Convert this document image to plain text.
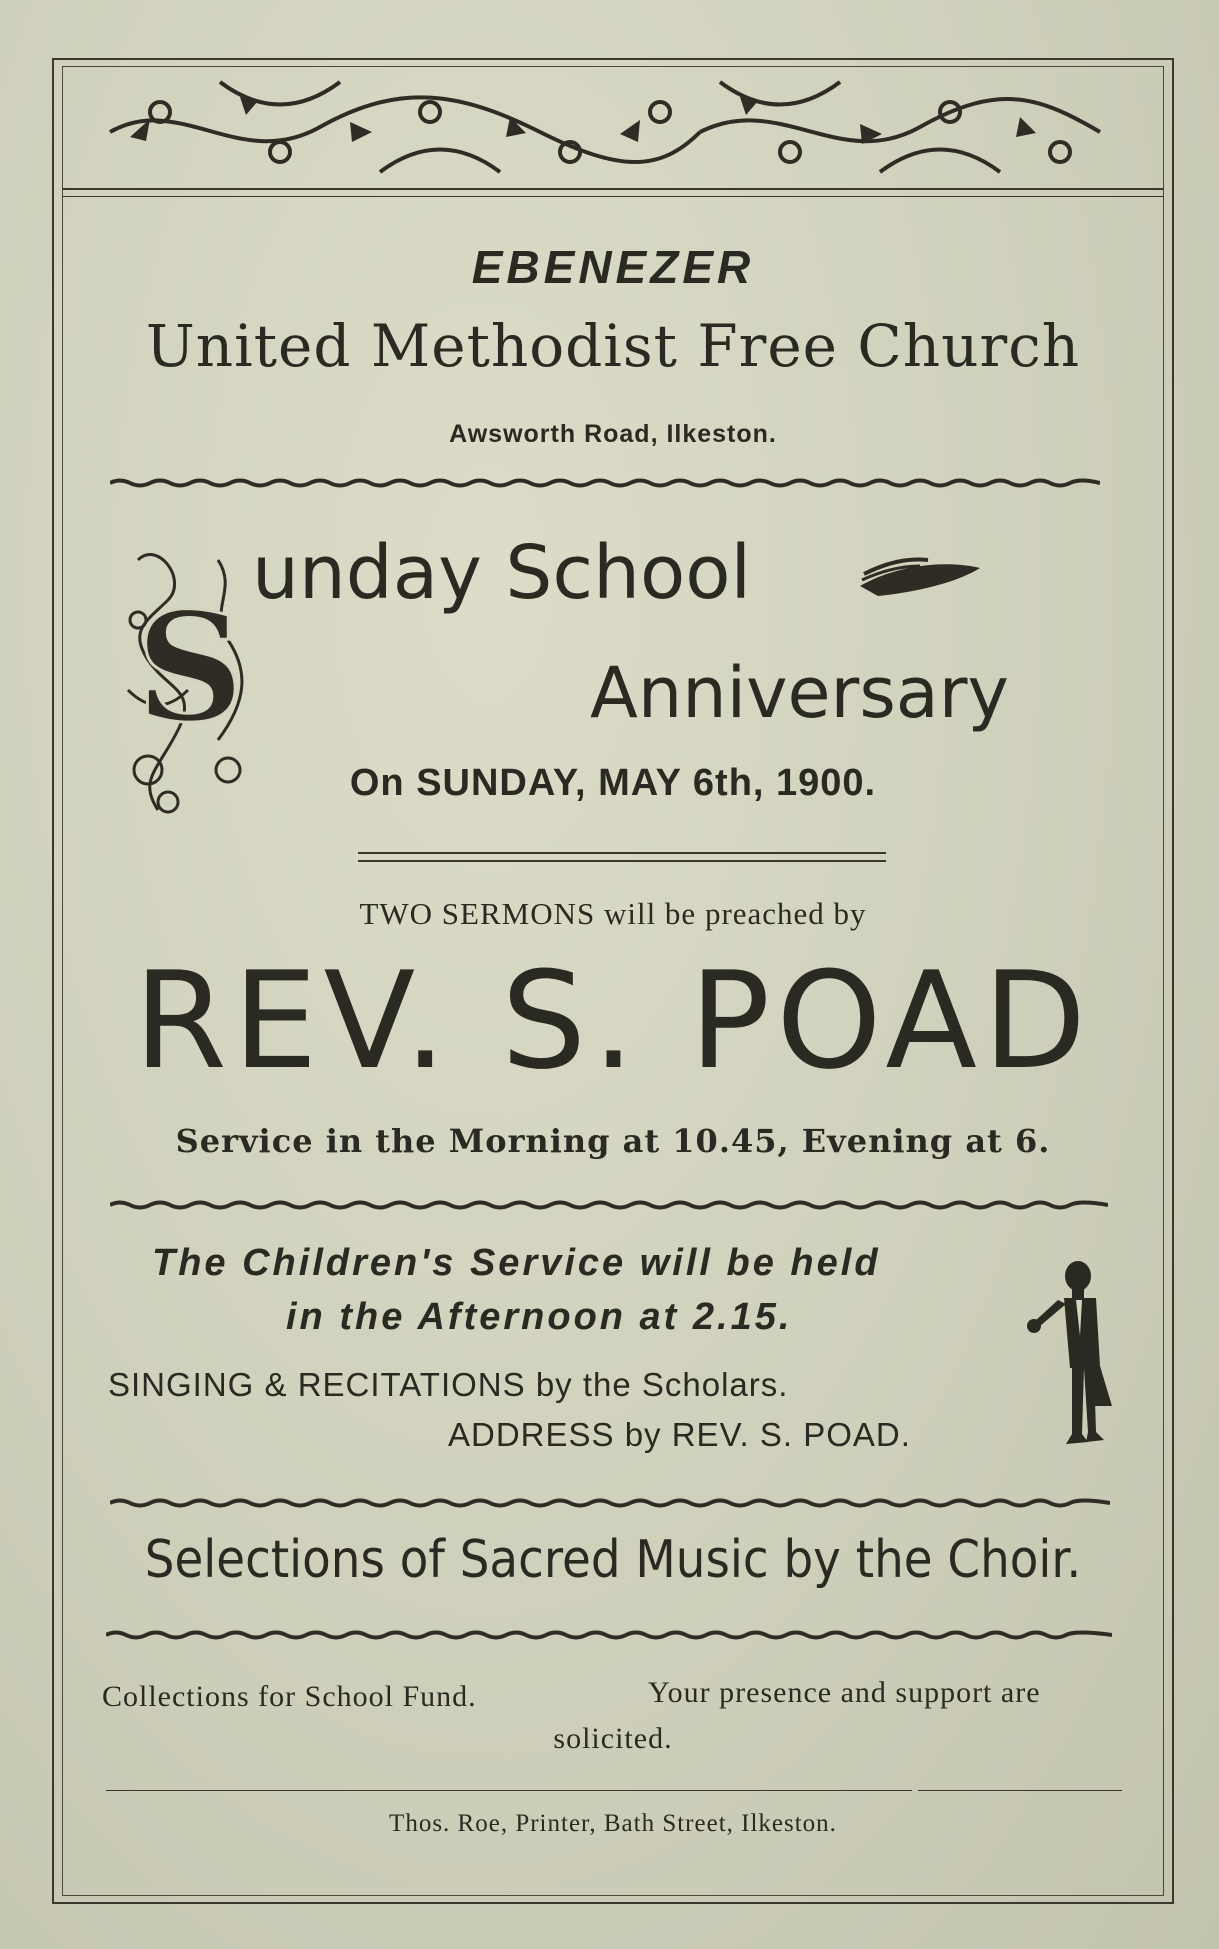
EBENEZER
United Methodist Free Church
Awsworth Road, Ilkeston.
S
unday School
Anniversary
On SUNDAY, MAY 6th, 1900.
TWO SERMONS will be preached by
REV. S. POAD
Service in the Morning at 10.45, Evening at 6.
The Children's Service will be held
in the Afternoon at 2.15.
SINGING & RECITATIONS by the Scholars.
ADDRESS by REV. S. POAD.
Selections of Sacred Music by the Choir.
Collections for School Fund.	Your presence and support are
solicited.
Thos. Roe, Printer, Bath Street, Ilkeston.
